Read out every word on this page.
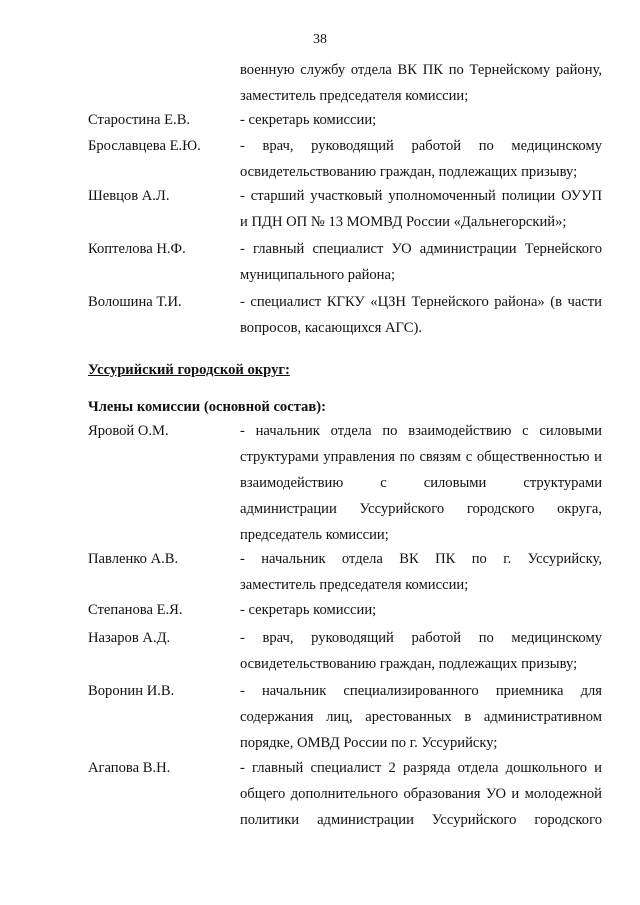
38
военную службу отдела ВК ПК по Тернейскому району,
заместитель председателя комиссии;
Старостина Е.В.	- секретарь комиссии;
Брославцева Е.Ю.	- врач, руководящий работой по медицинскому
освидетельствованию граждан, подлежащих призыву;
Шевцов А.Л.	- старший участковый уполномоченный полиции ОУУП
и ПДН ОП № 13 МОМВД России «Дальнегорский»;
Коптелова Н.Ф.	- главный специалист УО администрации Тернейского
муниципального района;
Волошина Т.И.	- специалист КГКУ «ЦЗН Тернейского района» (в части
вопросов, касающихся АГС).
Уссурийский городской округ:
Члены комиссии (основной состав):
Яровой О.М.	- начальник отдела по взаимодействию с силовыми
структурами управления по связям с общественностью и
взаимодействию с силовыми структурами
администрации Уссурийского городского округа,
председатель комиссии;
Павленко А.В.	- начальник отдела ВК ПК по г. Уссурийску,
заместитель председателя комиссии;
Степанова Е.Я.	- секретарь комиссии;
Назаров А.Д.	- врач, руководящий работой по медицинскому
освидетельствованию граждан, подлежащих призыву;
Воронин И.В.	- начальник специализированного приемника для
содержания лиц, арестованных в административном
порядке, ОМВД России по г. Уссурийску;
Агапова В.Н.	- главный специалист 2 разряда отдела дошкольного и
общего дополнительного образования УО и молодежной
политики администрации Уссурийского городского
